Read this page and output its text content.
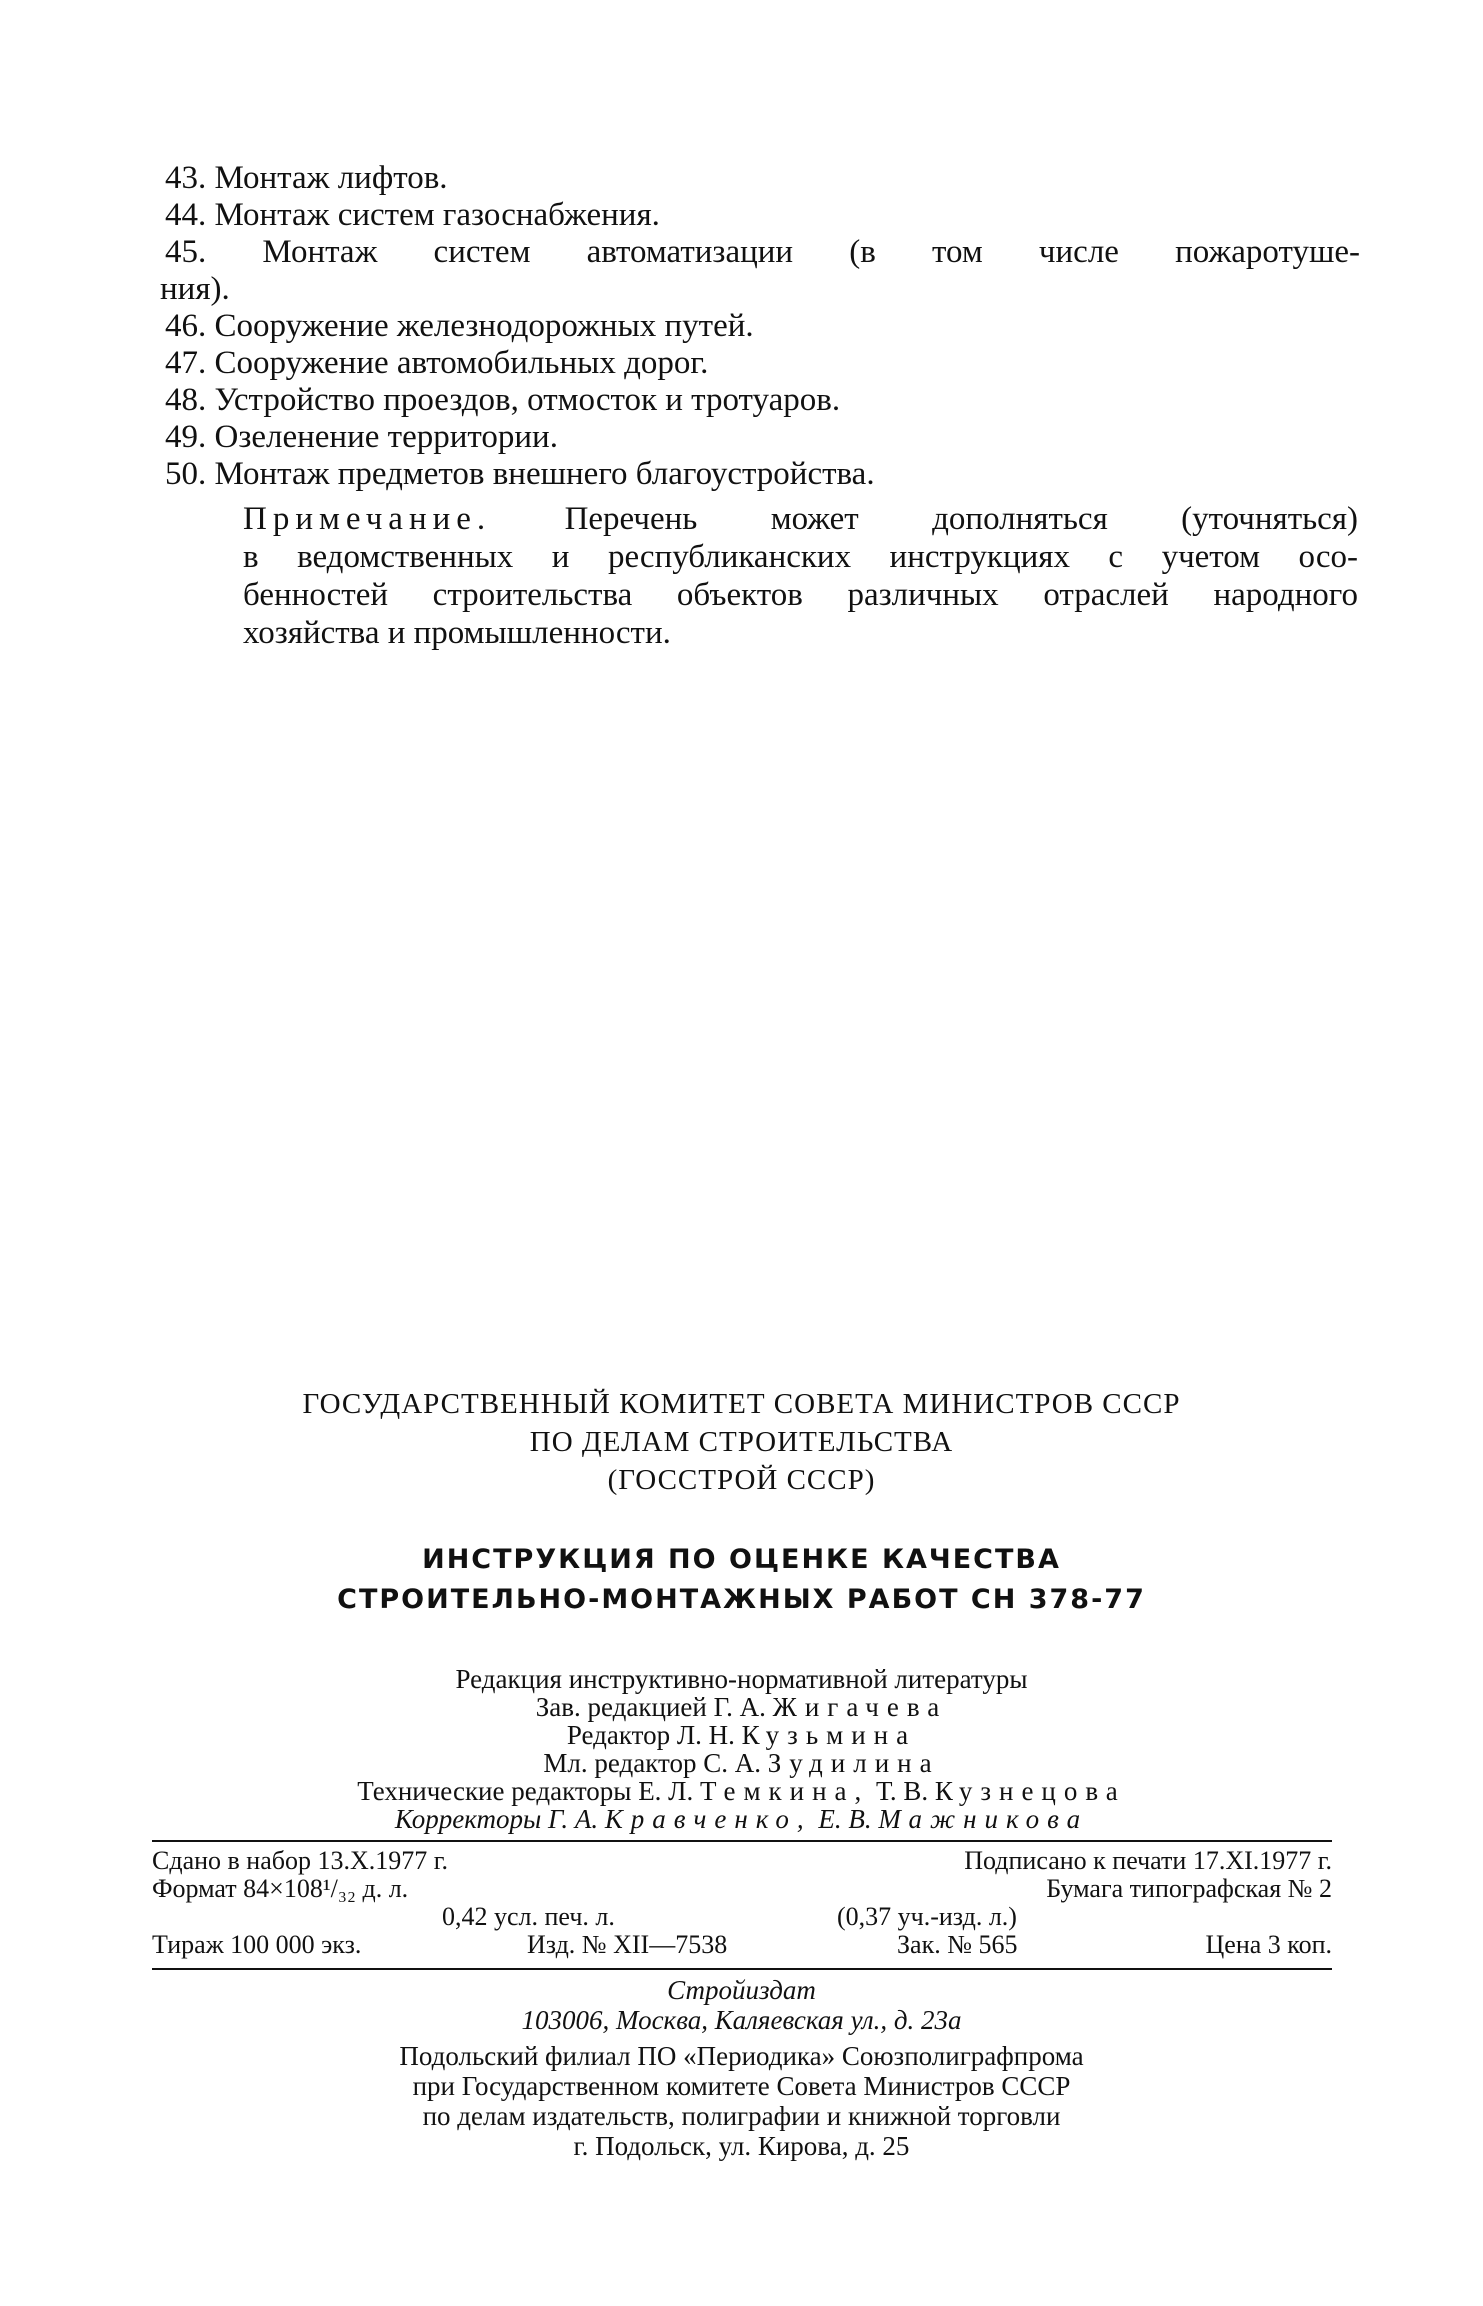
43. Монтаж лифтов.
44. Монтаж систем газоснабжения.
45. Монтаж систем автоматизации (в том числе пожаротуше-
ния).
46. Сооружение железнодорожных путей.
47. Сооружение автомобильных дорог.
48. Устройство проездов, отмосток и тротуаров.
49. Озеленение территории.
50. Монтаж предметов внешнего благоустройства.
Примечание. Перечень может дополняться (уточняться)
в ведомственных и республиканских инструкциях с учетом осо-
бенностей строительства объектов различных отраслей народного
хозяйства и промышленности.
ГОСУДАРСТВЕННЫЙ КОМИТЕТ СОВЕТА МИНИСТРОВ СССР
ПО ДЕЛАМ СТРОИТЕЛЬСТВА
(ГОССТРОЙ СССР)
ИНСТРУКЦИЯ ПО ОЦЕНКЕ КАЧЕСТВА
СТРОИТЕЛЬНО-МОНТАЖНЫХ РАБОТ СН 378-77
Редакция инструктивно-нормативной литературы
Зав. редакцией Г. А. Жигачева
Редактор Л. Н. Кузьмина
Мл. редактор С. А. Зудилина
Технические редакторы Е. Л. Темкина, Т. В. Кузнецова
Корректоры Г. А. Кравченко, Е. В. Мажникова
Сдано в набор 13.X.1977 г.	Подписано к печати 17.XI.1977 г.
Формат 84×108¹/₃₂ д. л.	Бумага типографская № 2
0,42 усл. печ. л.	(0,37 уч.-изд. л.)
Тираж 100 000 экз.	Изд. № XII—7538	Зак. № 565	Цена 3 коп.
Стройиздат
103006, Москва, Каляевская ул., д. 23а
Подольский филиал ПО «Периодика» Союзполиграфпрома
при Государственном комитете Совета Министров СССР
по делам издательств, полиграфии и книжной торговли
г. Подольск, ул. Кирова, д. 25
